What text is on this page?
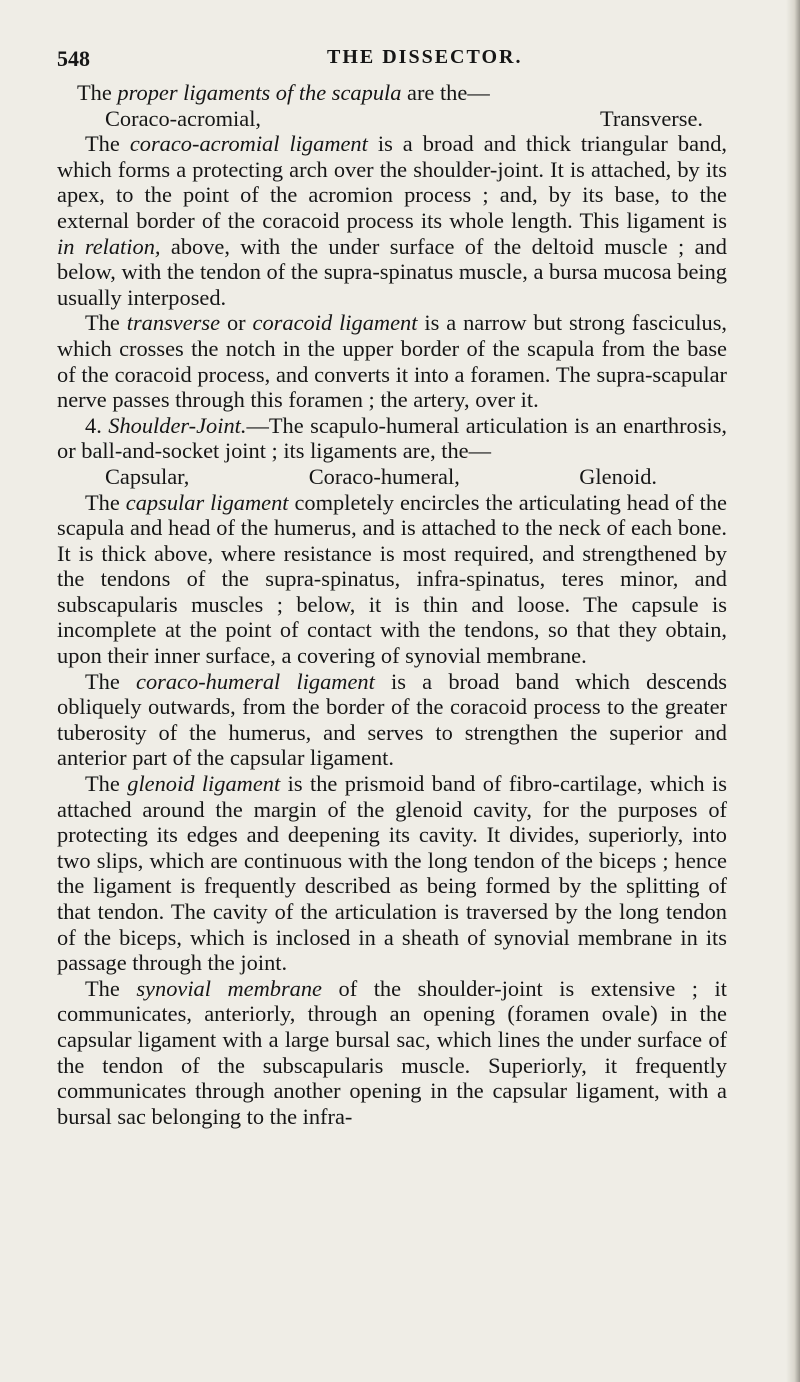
548	THE DISSECTOR.

The proper ligaments of the scapula are the—

Coraco-acromial,	Transverse.

The coraco-acromial ligament is a broad and thick triangular band, which forms a protecting arch over the shoulder-joint. It is attached, by its apex, to the point of the acromion process ; and, by its base, to the external border of the coracoid process its whole length. This ligament is in relation, above, with the under surface of the deltoid muscle ; and below, with the tendon of the supra-spinatus muscle, a bursa mucosa being usually interposed.

The transverse or coracoid ligament is a narrow but strong fasciculus, which crosses the notch in the upper border of the scapula from the base of the coracoid process, and converts it into a foramen. The supra-scapular nerve passes through this foramen ; the artery, over it.

4. Shoulder-Joint.—The scapulo-humeral articulation is an enarthrosis, or ball-and-socket joint ; its ligaments are, the—

Capsular,	Coraco-humeral,	Glenoid.

The capsular ligament completely encircles the articulating head of the scapula and head of the humerus, and is attached to the neck of each bone. It is thick above, where resistance is most required, and strengthened by the tendons of the supra-spinatus, infra-spinatus, teres minor, and subscapularis muscles ; below, it is thin and loose. The capsule is incomplete at the point of contact with the tendons, so that they obtain, upon their inner surface, a covering of synovial membrane.

The coraco-humeral ligament is a broad band which descends obliquely outwards, from the border of the coracoid process to the greater tuberosity of the humerus, and serves to strengthen the superior and anterior part of the capsular ligament.

The glenoid ligament is the prismoid band of fibro-cartilage, which is attached around the margin of the glenoid cavity, for the purposes of protecting its edges and deepening its cavity. It divides, superiorly, into two slips, which are continuous with the long tendon of the biceps ; hence the ligament is frequently described as being formed by the splitting of that tendon. The cavity of the articulation is traversed by the long tendon of the biceps, which is inclosed in a sheath of synovial membrane in its passage through the joint.

The synovial membrane of the shoulder-joint is extensive ; it communicates, anteriorly, through an opening (foramen ovale) in the capsular ligament with a large bursal sac, which lines the under surface of the tendon of the subscapularis muscle. Superiorly, it frequently communicates through another opening in the capsular ligament, with a bursal sac belonging to the infra-
